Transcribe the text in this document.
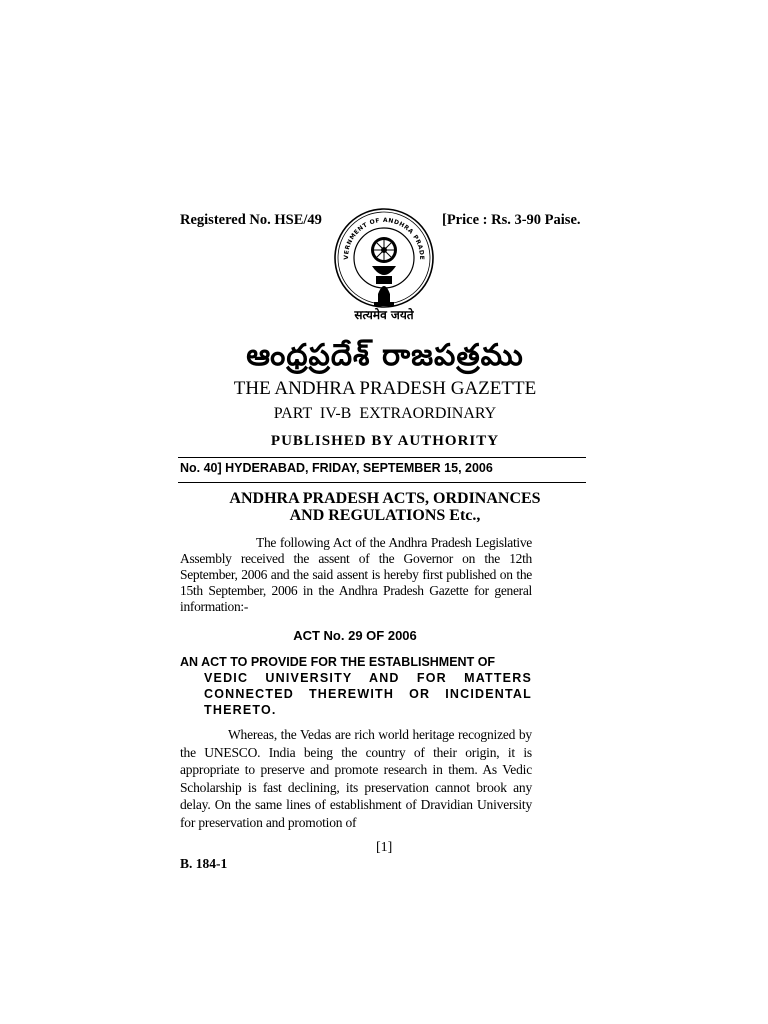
Registered No. HSE/49
VERNMENT OF ANDHRA PRADE
सत्यमेव जयते
[Price : Rs. 3-90 Paise.
ఆంధ్రప్రదేశ్ రాజపత్రము
THE ANDHRA PRADESH GAZETTE
PART IV-B EXTRAORDINARY
PUBLISHED BY AUTHORITY
No. 40] HYDERABAD, FRIDAY, SEPTEMBER 15, 2006
ANDHRA PRADESH ACTS, ORDINANCES
AND REGULATIONS Etc.,
The following Act of the Andhra Pradesh Legislative Assembly received the assent of the Governor on the 12th September, 2006 and the said assent is hereby first published on the 15th September, 2006 in the Andhra Pradesh Gazette for general information:-
ACT No. 29 OF 2006
AN ACT TO PROVIDE FOR THE ESTABLISHMENT OF
VEDIC UNIVERSITY AND FOR MATTERS CONNECTED THEREWITH OR INCIDENTAL THERETO.
Whereas, the Vedas are rich world heritage recognized by the UNESCO. India being the country of their origin, it is appropriate to preserve and promote research in them. As Vedic Scholarship is fast declining, its preservation cannot brook any delay. On the same lines of establishment of Dravidian University for preservation and promotion of
[1]
B. 184-1
